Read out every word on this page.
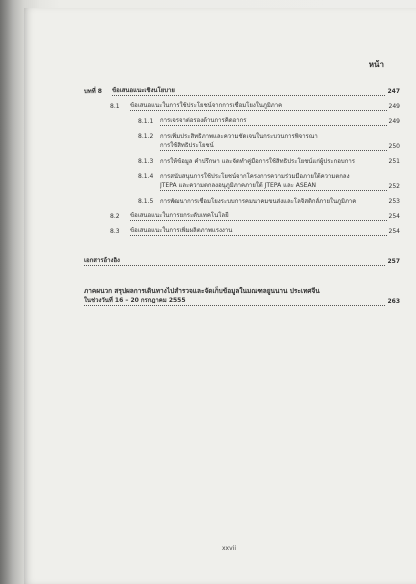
หน้า
บทที่ 8	ข้อเสนอแนะเชิงนโยบาย	247
8.1	ข้อเสนอแนะในการใช้ประโยชน์จากการเชื่อมโยงในภูมิภาค	249
8.1.1	การเจรจาต่อรองด้านการคิดอากร	249
8.1.2	การเพิ่มประสิทธิภาพและความชัดเจนในกระบวนการพิจารณา
การใช้สิทธิประโยชน์	250
8.1.3	การให้ข้อมูล คำปรึกษา และจัดทำคู่มือการใช้สิทธิประโยชน์แก่ผู้ประกอบการ	251
8.1.4	การสนับสนุนการใช้ประโยชน์จากโครงการความร่วมมือภายใต้ความตกลง
JTEPA และความตกลงอนุภูมิภาคภายใต้ JTEPA และ ASEAN	252
8.1.5	การพัฒนาการเชื่อมโยงระบบการคมนาคมขนส่งและโลจิสติกส์ภายในภูมิภาค	253
8.2	ข้อเสนอแนะในการยกระดับเทคโนโลยี	254
8.3	ข้อเสนอแนะในการเพิ่มผลิตภาพแรงงาน	254
เอกสารอ้างอิง	257
ภาคผนวก สรุปผลการเดินทางไปสำรวจและจัดเก็บข้อมูลในมณฑลยูนนาน ประเทศจีน
ในช่วงวันที่ 16 – 20 กรกฎาคม 2555	263
xxvii
